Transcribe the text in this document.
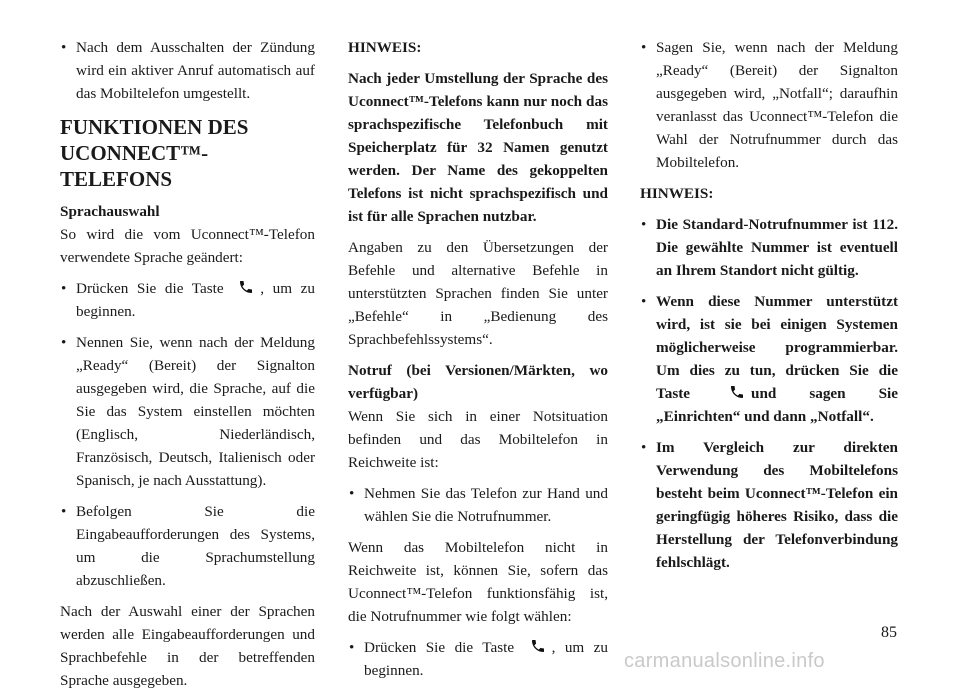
• Nach dem Ausschalten der Zündung wird ein aktiver Anruf automatisch auf das Mobiltelefon umgestellt.
FUNKTIONEN DES UCONNECT™-TELEFONS

Sprachauswahl

So wird die vom Uconnect™-Telefon verwendete Sprache geändert:

• Drücken Sie die Taste , um zu beginnen.
• Nennen Sie, wenn nach der Meldung „Ready“ (Bereit) der Signalton ausgegeben wird, die Sprache, auf die Sie das System einstellen möchten (Englisch, Niederländisch, Französisch, Deutsch, Italienisch oder Spanisch, je nach Ausstattung).
• Befolgen Sie die Eingabeaufforderungen des Systems, um die Sprachumstellung abzuschließen.

Nach der Auswahl einer der Sprachen werden alle Eingabeaufforderungen und Sprachbefehle in der betreffenden Sprache ausgegeben.

HINWEIS:

Nach jeder Umstellung der Sprache des Uconnect™-Telefons kann nur noch das sprachspezifische Telefonbuch mit Speicherplatz für 32 Namen genutzt werden. Der Name des gekoppelten Telefons ist nicht sprachspezifisch und ist für alle Sprachen nutzbar.

Angaben zu den Übersetzungen der Befehle und alternative Befehle in unterstützten Sprachen finden Sie unter „Befehle“ in „Bedienung des Sprachbefehlssystems“.

Notruf (bei Versionen/Märkten, wo verfügbar)

Wenn Sie sich in einer Notsituation befinden und das Mobiltelefon in Reichweite ist:

• Nehmen Sie das Telefon zur Hand und wählen Sie die Notrufnummer.

Wenn das Mobiltelefon nicht in Reichweite ist, können Sie, sofern das Uconnect™-Telefon funktionsfähig ist, die Notrufnummer wie folgt wählen:

• Drücken Sie die Taste , um zu beginnen.
• Sagen Sie, wenn nach der Meldung „Ready“ (Bereit) der Signalton ausgegeben wird, „Notfall“; daraufhin veranlasst das Uconnect™-Telefon die Wahl der Notrufnummer durch das Mobiltelefon.

HINWEIS:

• Die Standard-Notrufnummer ist 112. Die gewählte Nummer ist eventuell an Ihrem Standort nicht gültig.
• Wenn diese Nummer unterstützt wird, ist sie bei einigen Systemen möglicherweise programmierbar. Um dies zu tun, drücken Sie die Taste	und sagen Sie „Einrichten“ und dann „Notfall“.
• Im Vergleich zur direkten Verwendung des Mobiltelefons besteht beim Uconnect™-Telefon ein geringfügig höheres Risiko, dass die Herstellung der Telefonverbindung fehlschlägt.
85
carmanualsonline.info
